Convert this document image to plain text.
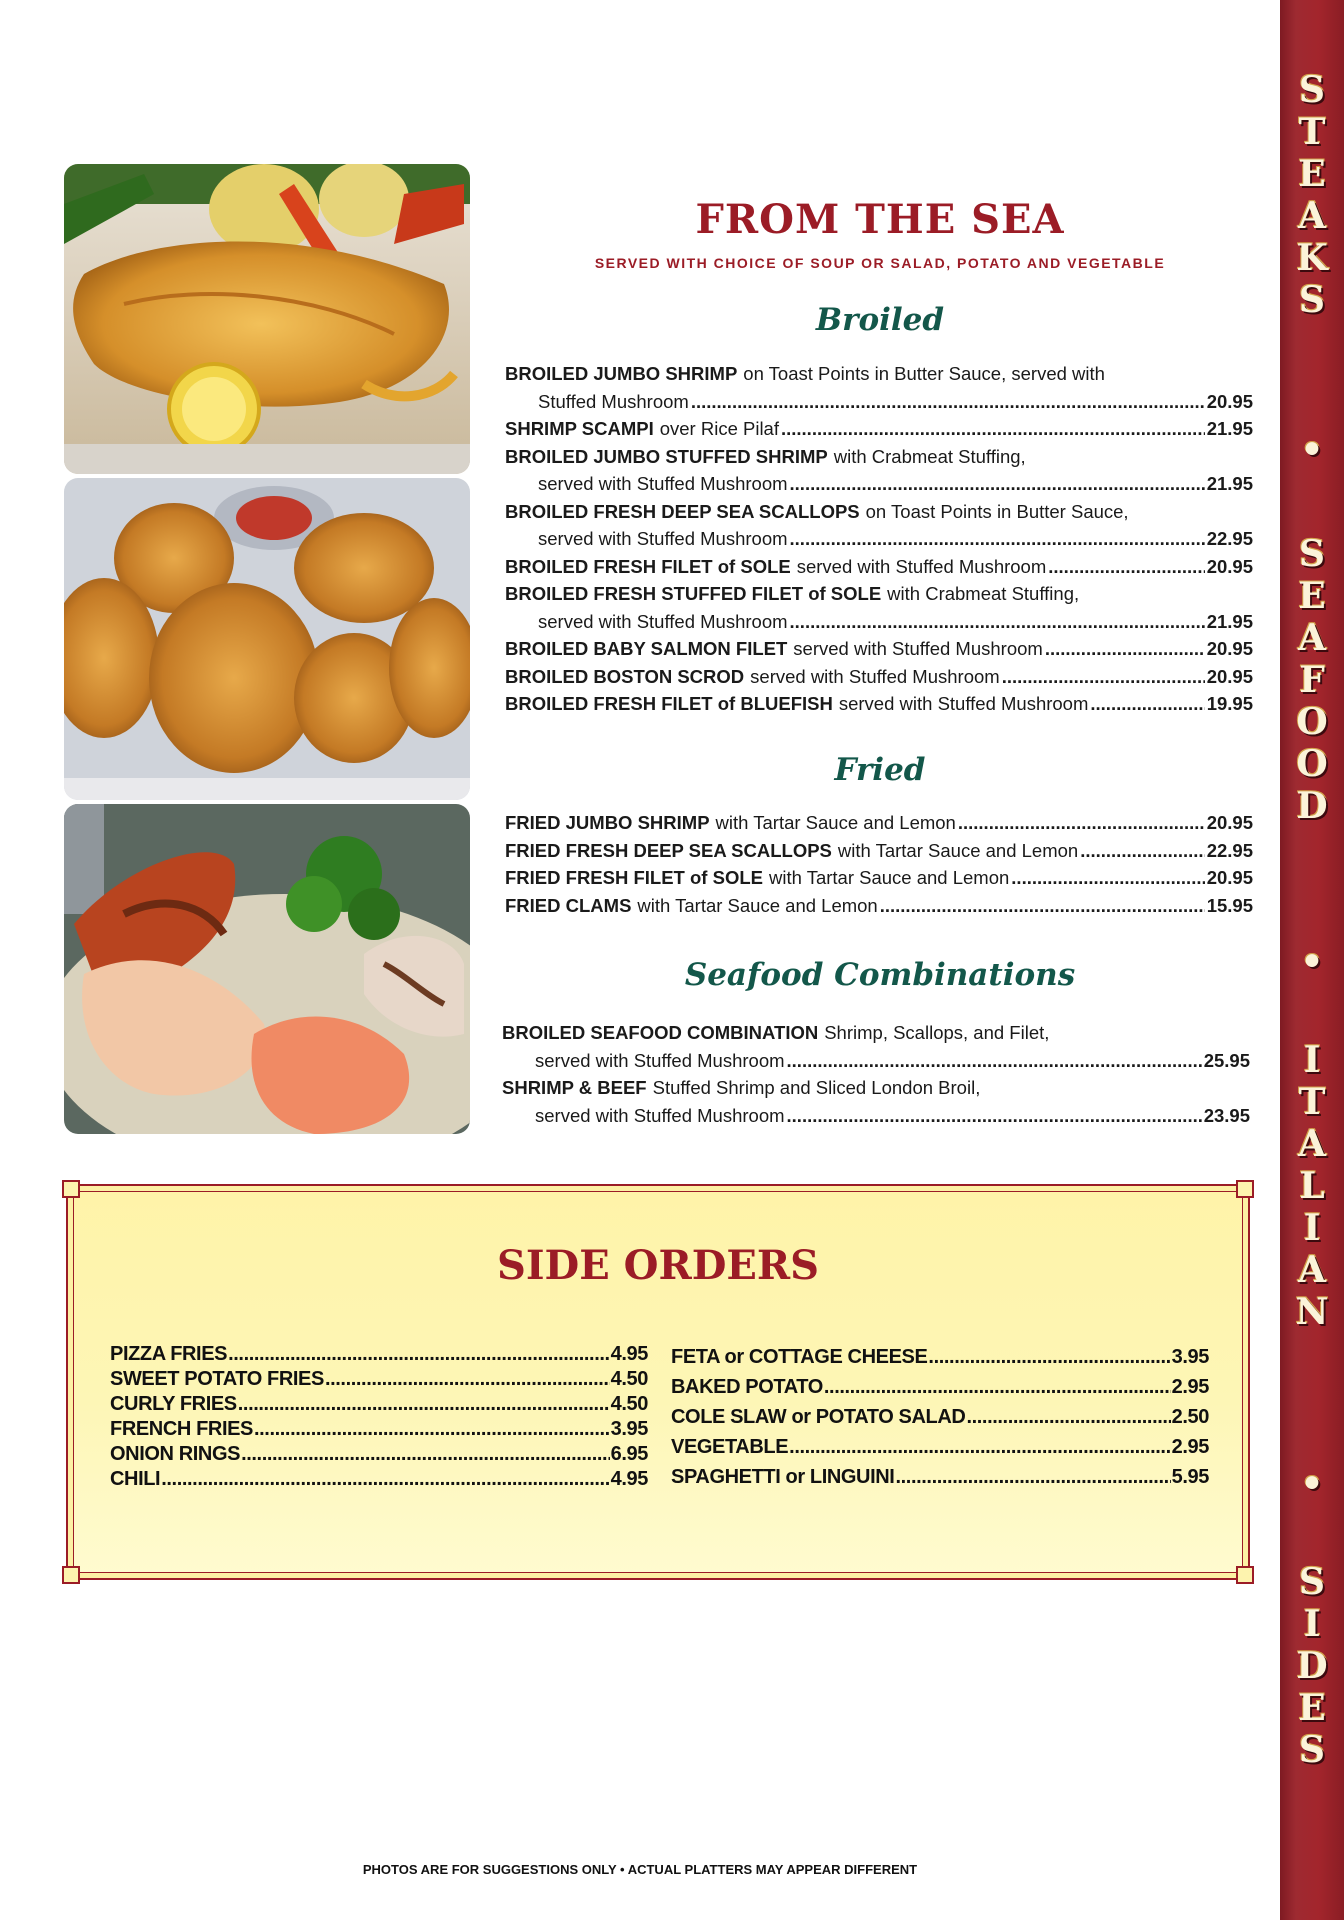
S
T
E
A
K
S
•
S
E
A
F
O
O
D
•
I
T
A
L
I
A
N
•
S
I
D
E
S
FROM THE SEA
SERVED WITH CHOICE OF SOUP OR SALAD, POTATO AND VEGETABLE
Broiled
BROILED JUMBO SHRIMP on Toast Points in Butter Sauce, served with
Stuffed Mushroom .....	20.95
SHRIMP SCAMPI over Rice Pilaf .....	21.95
BROILED JUMBO STUFFED SHRIMP with Crabmeat Stuffing,
served with Stuffed Mushroom .....	21.95
BROILED FRESH DEEP SEA SCALLOPS on Toast Points in Butter Sauce,
served with Stuffed Mushroom .....	22.95
BROILED FRESH FILET of SOLE served with Stuffed Mushroom .....	20.95
BROILED FRESH STUFFED FILET of SOLE with Crabmeat Stuffing,
served with Stuffed Mushroom .....	21.95
BROILED BABY SALMON FILET served with Stuffed Mushroom .....	20.95
BROILED BOSTON SCROD served with Stuffed Mushroom .....	20.95
BROILED FRESH FILET of BLUEFISH served with Stuffed Mushroom .....	19.95
Fried
FRIED JUMBO SHRIMP with Tartar Sauce and Lemon .....	20.95
FRIED FRESH DEEP SEA SCALLOPS with Tartar Sauce and Lemon .....	22.95
FRIED FRESH FILET of SOLE with Tartar Sauce and Lemon .....	20.95
FRIED CLAMS with Tartar Sauce and Lemon .....	15.95
Seafood Combinations
BROILED SEAFOOD COMBINATION Shrimp, Scallops, and Filet,
served with Stuffed Mushroom .....	25.95
SHRIMP & BEEF Stuffed Shrimp and Sliced London Broil,
served with Stuffed Mushroom .....	23.95
SIDE ORDERS
PIZZA FRIES .....	4.95
SWEET POTATO FRIES .....	4.50
CURLY FRIES .....	4.50
FRENCH FRIES .....	3.95
ONION RINGS .....	6.95
CHILI .....	4.95
FETA or COTTAGE CHEESE .....	3.95
BAKED POTATO .....	2.95
COLE SLAW or POTATO SALAD .....	2.50
VEGETABLE .....	2.95
SPAGHETTI or LINGUINI .....	5.95
PHOTOS ARE FOR SUGGESTIONS ONLY • ACTUAL PLATTERS MAY APPEAR DIFFERENT
